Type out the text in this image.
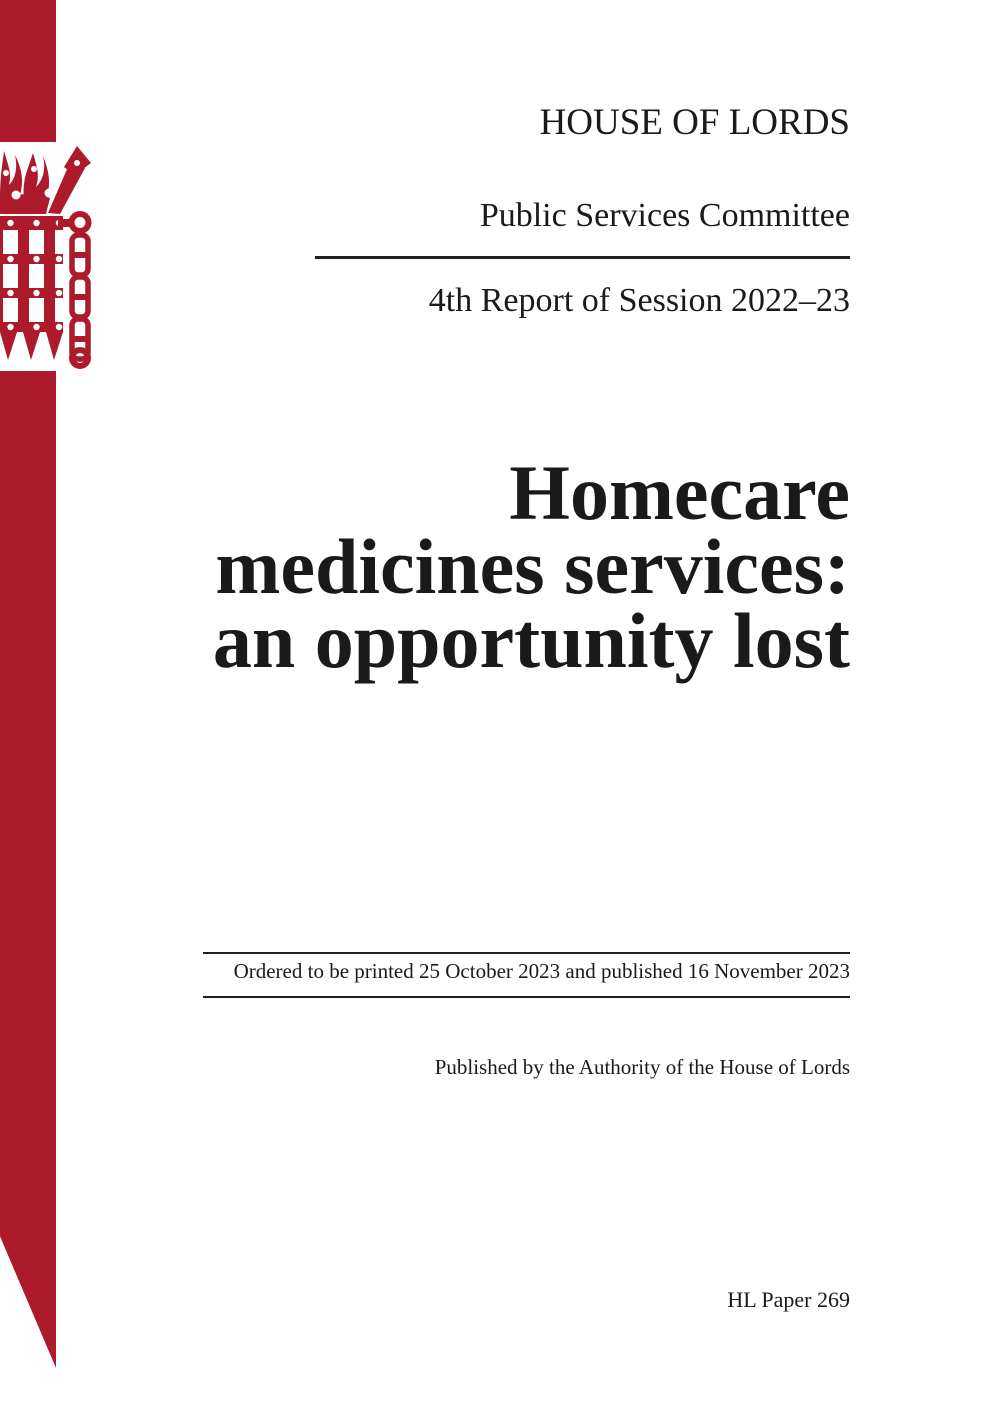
HOUSE OF LORDS
Public Services Committee
4th Report of Session 2022–23
Homecare
medicines services:
an opportunity lost
Ordered to be printed 25 October 2023 and published 16 November 2023
Published by the Authority of the House of Lords
HL Paper 269
